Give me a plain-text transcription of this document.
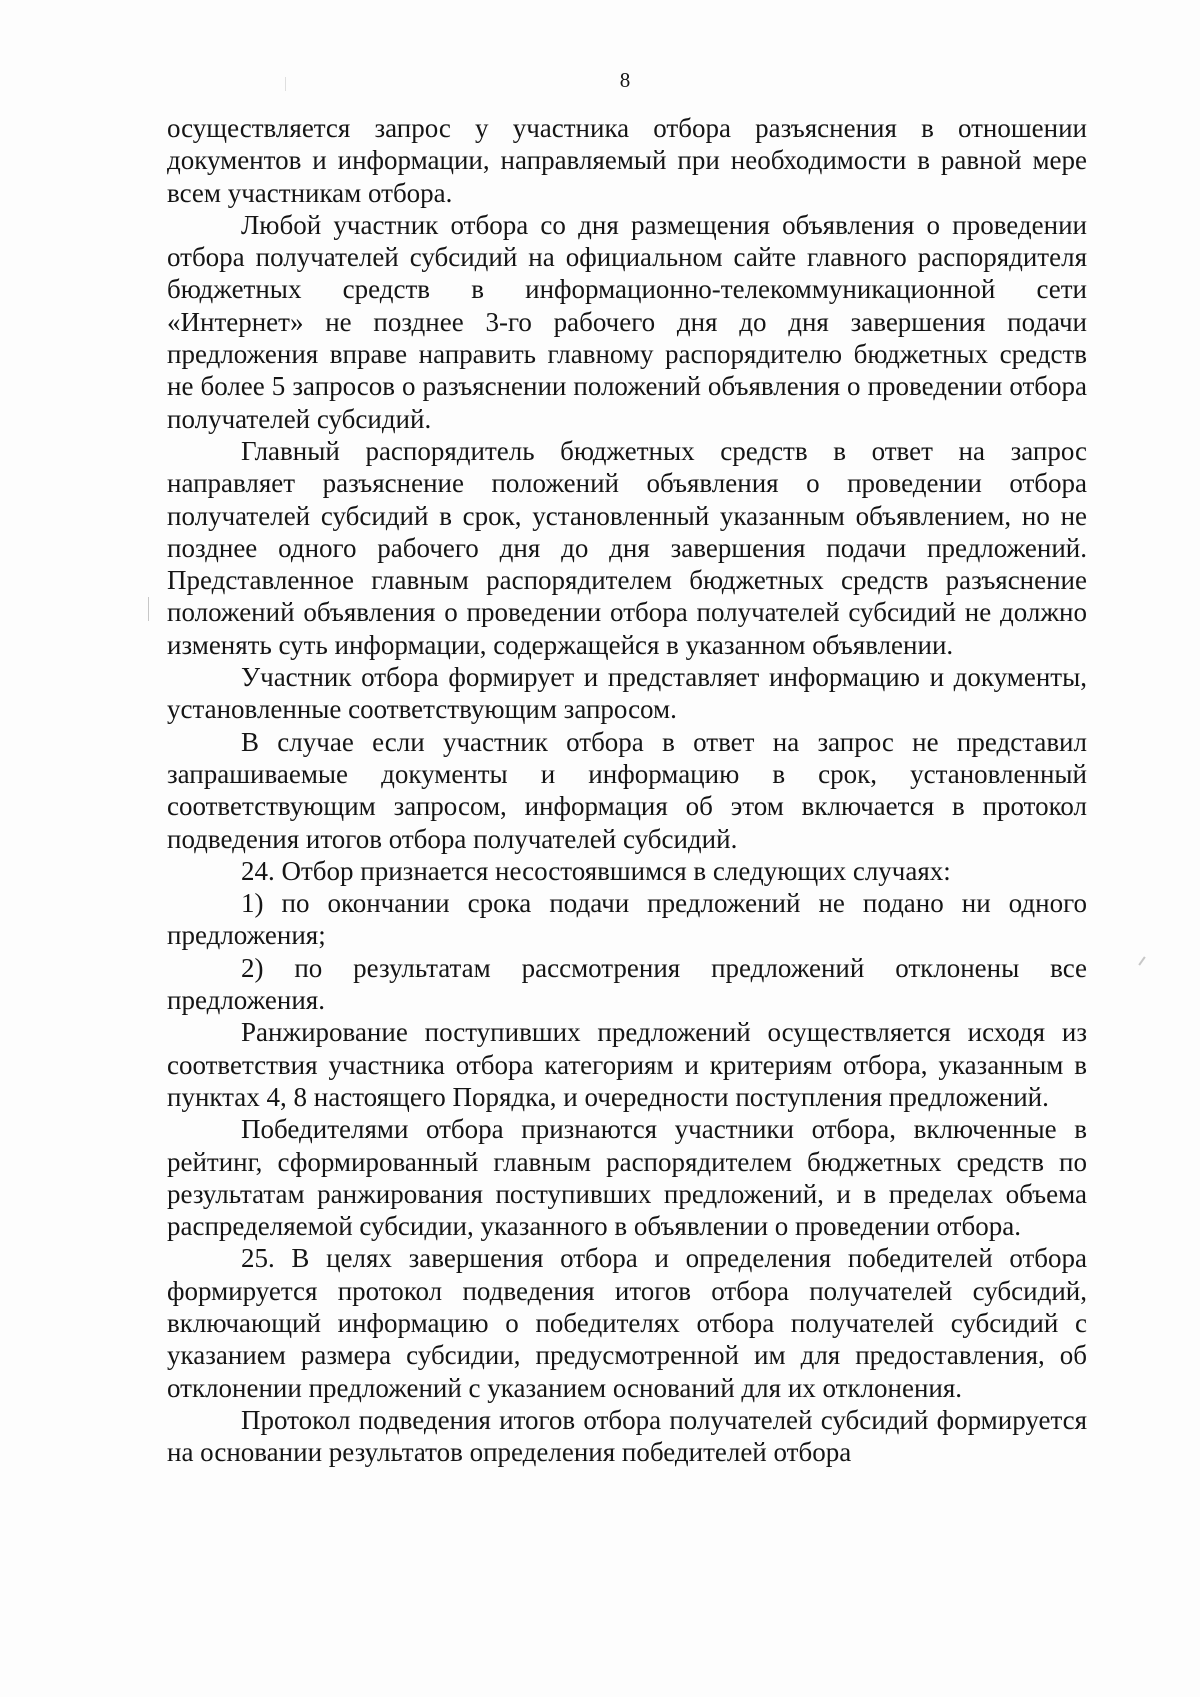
8

осуществляется запрос у участника отбора разъяснения в отношении документов и информации, направляемый при необходимости в равной мере всем участникам отбора.

Любой участник отбора со дня размещения объявления о проведении отбора получателей субсидий на официальном сайте главного распорядителя бюджетных средств в информационно-телекоммуникационной сети «Интернет» не позднее 3-го рабочего дня до дня завершения подачи предложения вправе направить главному распорядителю бюджетных средств не более 5 запросов о разъяснении положений объявления о проведении отбора получателей субсидий.

Главный распорядитель бюджетных средств в ответ на запрос направляет разъяснение положений объявления о проведении отбора получателей субсидий в срок, установленный указанным объявлением, но не позднее одного рабочего дня до дня завершения подачи предложений. Представленное главным распорядителем бюджетных средств разъяснение положений объявления о проведении отбора получателей субсидий не должно изменять суть информации, содержащейся в указанном объявлении.

Участник отбора формирует и представляет информацию и документы, установленные соответствующим запросом.

В случае если участник отбора в ответ на запрос не представил запрашиваемые документы и информацию в срок, установленный соответствующим запросом, информация об этом включается в протокол подведения итогов отбора получателей субсидий.

24. Отбор признается несостоявшимся в следующих случаях:

1) по окончании срока подачи предложений не подано ни одного предложения;

2) по результатам рассмотрения предложений отклонены все предложения.

Ранжирование поступивших предложений осуществляется исходя из соответствия участника отбора категориям и критериям отбора, указанным в пунктах 4, 8 настоящего Порядка, и очередности поступления предложений.

Победителями отбора признаются участники отбора, включенные в рейтинг, сформированный главным распорядителем бюджетных средств по результатам ранжирования поступивших предложений, и в пределах объема распределяемой субсидии, указанного в объявлении о проведении отбора.

25. В целях завершения отбора и определения победителей отбора формируется протокол подведения итогов отбора получателей субсидий, включающий информацию о победителях отбора получателей субсидий с указанием размера субсидии, предусмотренной им для предоставления, об отклонении предложений с указанием оснований для их отклонения.

Протокол подведения итогов отбора получателей субсидий формируется на основании результатов определения победителей отбора
